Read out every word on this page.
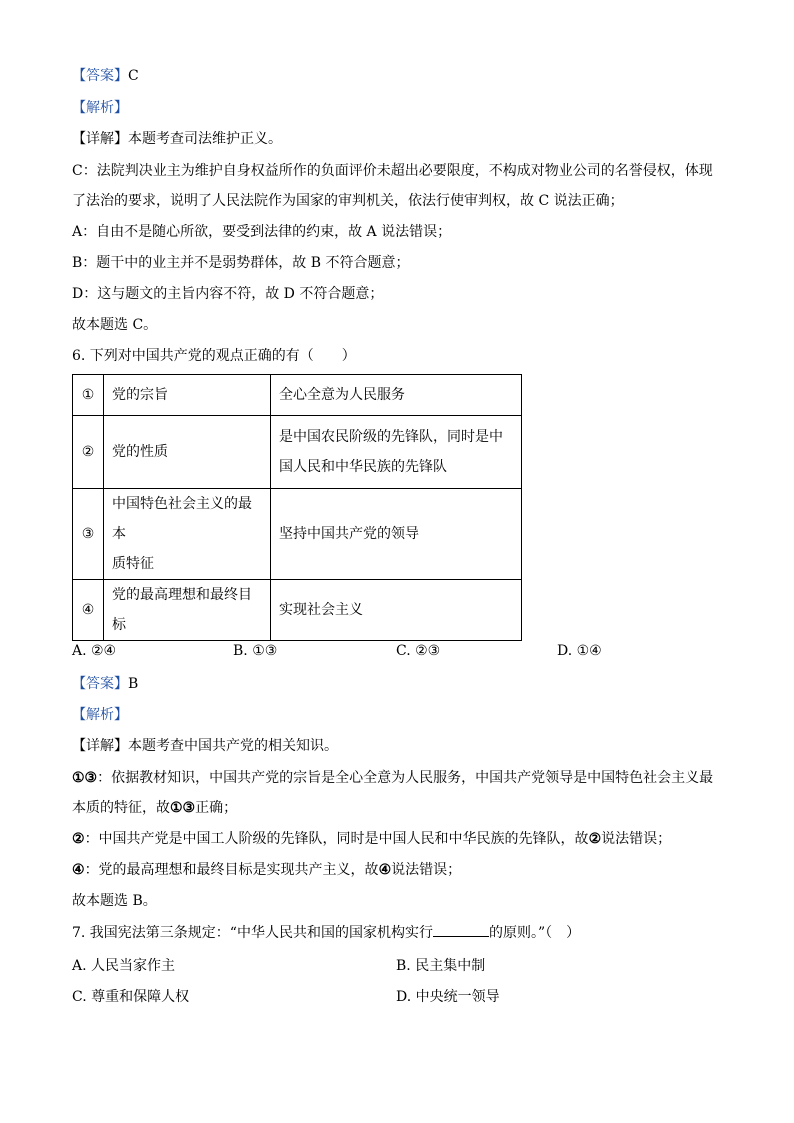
【答案】C
【解析】
【详解】本题考查司法维护正义。
C：法院判决业主为维护自身权益所作的负面评价未超出必要限度，不构成对物业公司的名誉侵权，体现
了法治的要求，说明了人民法院作为国家的审判机关，依法行使审判权，故 C 说法正确；
A：自由不是随心所欲，要受到法律的约束，故 A 说法错误；
B：题干中的业主并不是弱势群体，故 B 不符合题意；
D：这与题文的主旨内容不符，故 D 不符合题意；
故本题选 C。
6. 下列对中国共产党的观点正确的有（　　）
①	党的宗旨	全心全意为人民服务
②	党的性质	是中国农民阶级的先锋队，同时是中
国人民和中华民族的先锋队

③	中国特色社会主义的最本
质特征	坚持中国共产党的领导
④	党的最高理想和最终目标	实现社会主义
A. ②④	B. ①③	C. ②③	D. ①④
【答案】B
【解析】
【详解】本题考查中国共产党的相关知识。
①③：依据教材知识，中国共产党的宗旨是全心全意为人民服务，中国共产党领导是中国特色社会主义最
本质的特征，故①③正确；
②：中国共产党是中国工人阶级的先锋队，同时是中国人民和中华民族的先锋队，故②说法错误；
④：党的最高理想和最终目标是实现共产主义，故④说法错误；
故本题选 B。
7. 我国宪法第三条规定：“中华人民共和国的国家机构实行	的原则。”（　）
A. 人民当家作主	B. 民主集中制
C. 尊重和保障人权	D. 中央统一领导
